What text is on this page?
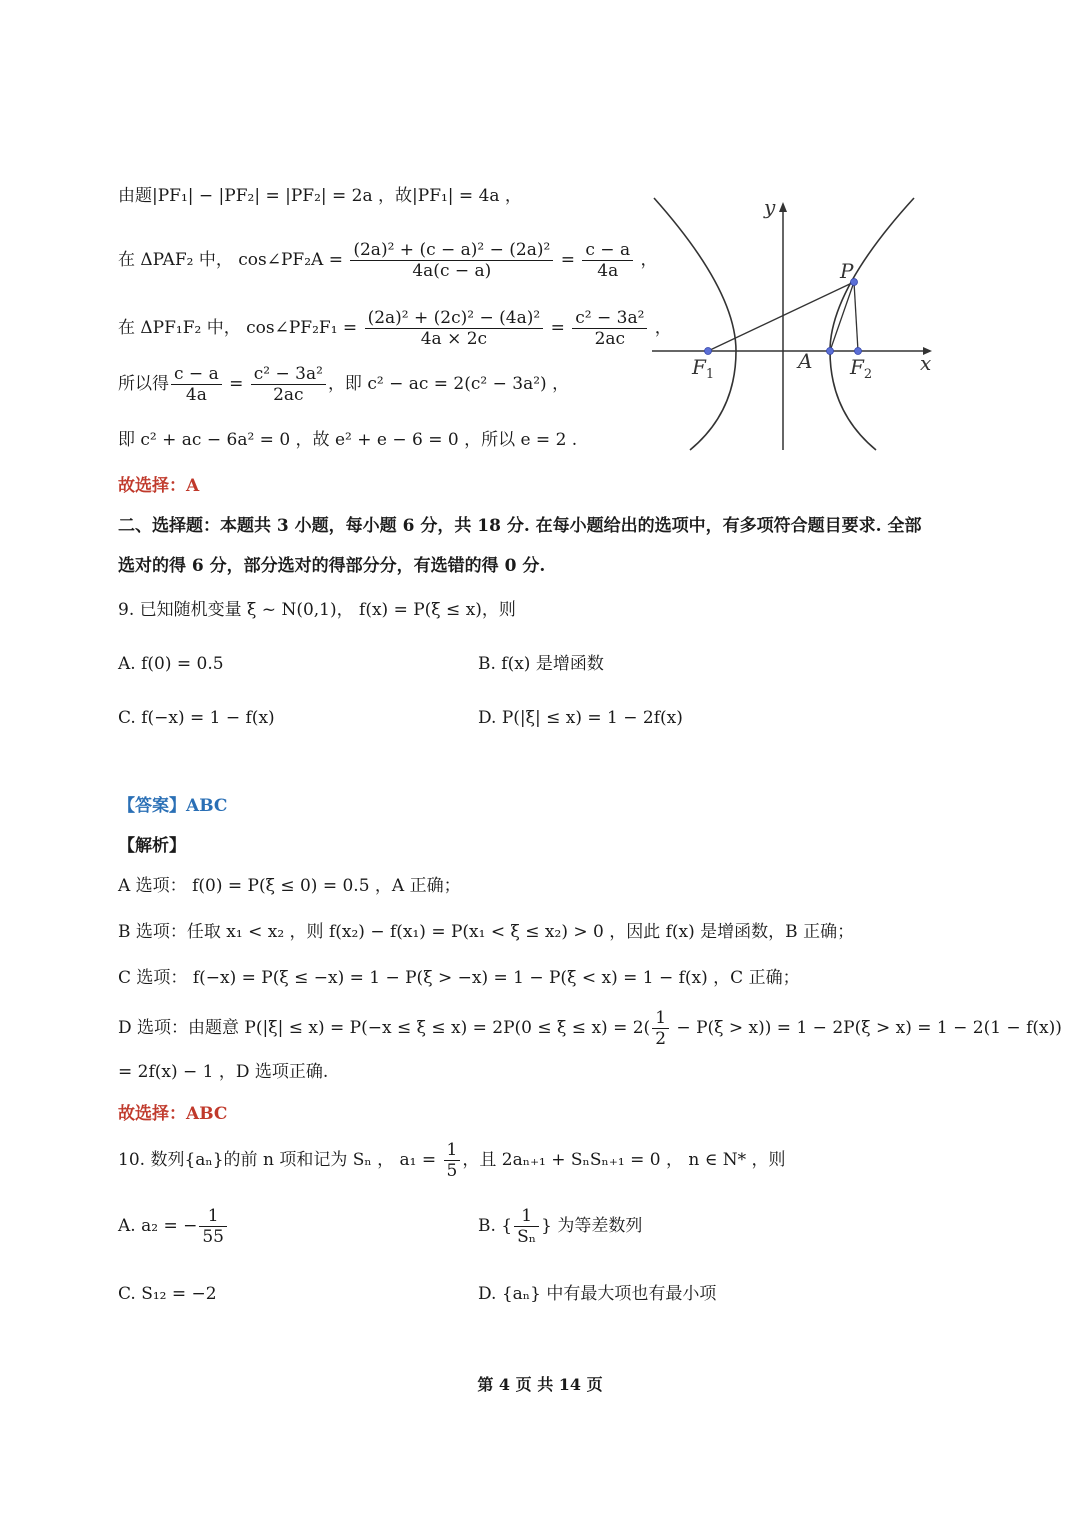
由题|PF₁| − |PF₂| = |PF₂| = 2a ，故|PF₁| = 4a ，
在 ΔPAF₂ 中， cos∠PF₂A = $\frac{\text{(2a)² + (c − a)² − (2a)²}}{4a(c - a)} = \frac{c - a}{4a}$ ，
在 ΔPF₁F₂ 中， cos∠PF₂F₁ = $\frac{\text{(2a)² + (2c)² − (4a)²}}{4a \times 2c} = \frac{\text{c² − 3a²}}{2ac}$ ，
所以得 $\frac{c - a}{4a} = \frac{\text{c² − 3a²}}{2ac}$ ，即 c² − ac = 2(c² − 3a²) ，
即 c² + ac − 6a² = 0 ，故 e² + e − 6 = 0 ，所以 e = 2 .
故选择：A
y
x
P
$F_1$
A $F_2$
二、选择题：本题共 3 小题，每小题 6 分，共 18 分. 在每小题给出的选项中，有多项符合题目要求. 全部
选对的得 6 分，部分选对的得部分分，有选错的得 0 分.
9. 已知随机变量 ξ ~ N(0,1)， f(x) = P(ξ ≤ x)，则
A. f(0) = 0.5	B. f(x) 是增函数
C. f(−x) = 1 − f(x)	D. P(|ξ| ≤ x) = 1 − 2f(x)
【答案】ABC
【解析】
A 选项： f(0) = P(ξ ≤ 0) = 0.5 ，A 正确；
B 选项：任取 x₁ < x₂ ，则 f(x₂) − f(x₁) = P(x₁ < ξ ≤ x₂) > 0 ，因此 f(x) 是增函数，B 正确；
C 选项： f(−x) = P(ξ ≤ −x) = 1 − P(ξ > −x) = 1 − P(ξ < x) = 1 − f(x) ，C 正确；
D 选项：由题意 $P(|\xi| \le x) = P(-x \le \xi \le x) = 2P(0 \le \xi \le x) = 2( \frac{1}{2} - P(\xi > x)) = 1 - 2P(\xi > x) = 1 - 2(1 - f(x))$
= 2f(x) − 1 ，D 选项正确.
故选择：ABC
10. 数列{aₙ}的前 n 项和记为 Sₙ ， $a_1 = \frac{1}{5}$ ，且 2aₙ₊₁ + SₙSₙ₊₁ = 0 ， n ∈ N* ，则
A. a₂ = − $\frac{1}{55}$	B. { $\frac{1}{\text{Sₙ}}$ } 为等差数列
C. S₁₂ = −2	D. {aₙ} 中有最大项也有最小项
第 4 页 共 14 页
